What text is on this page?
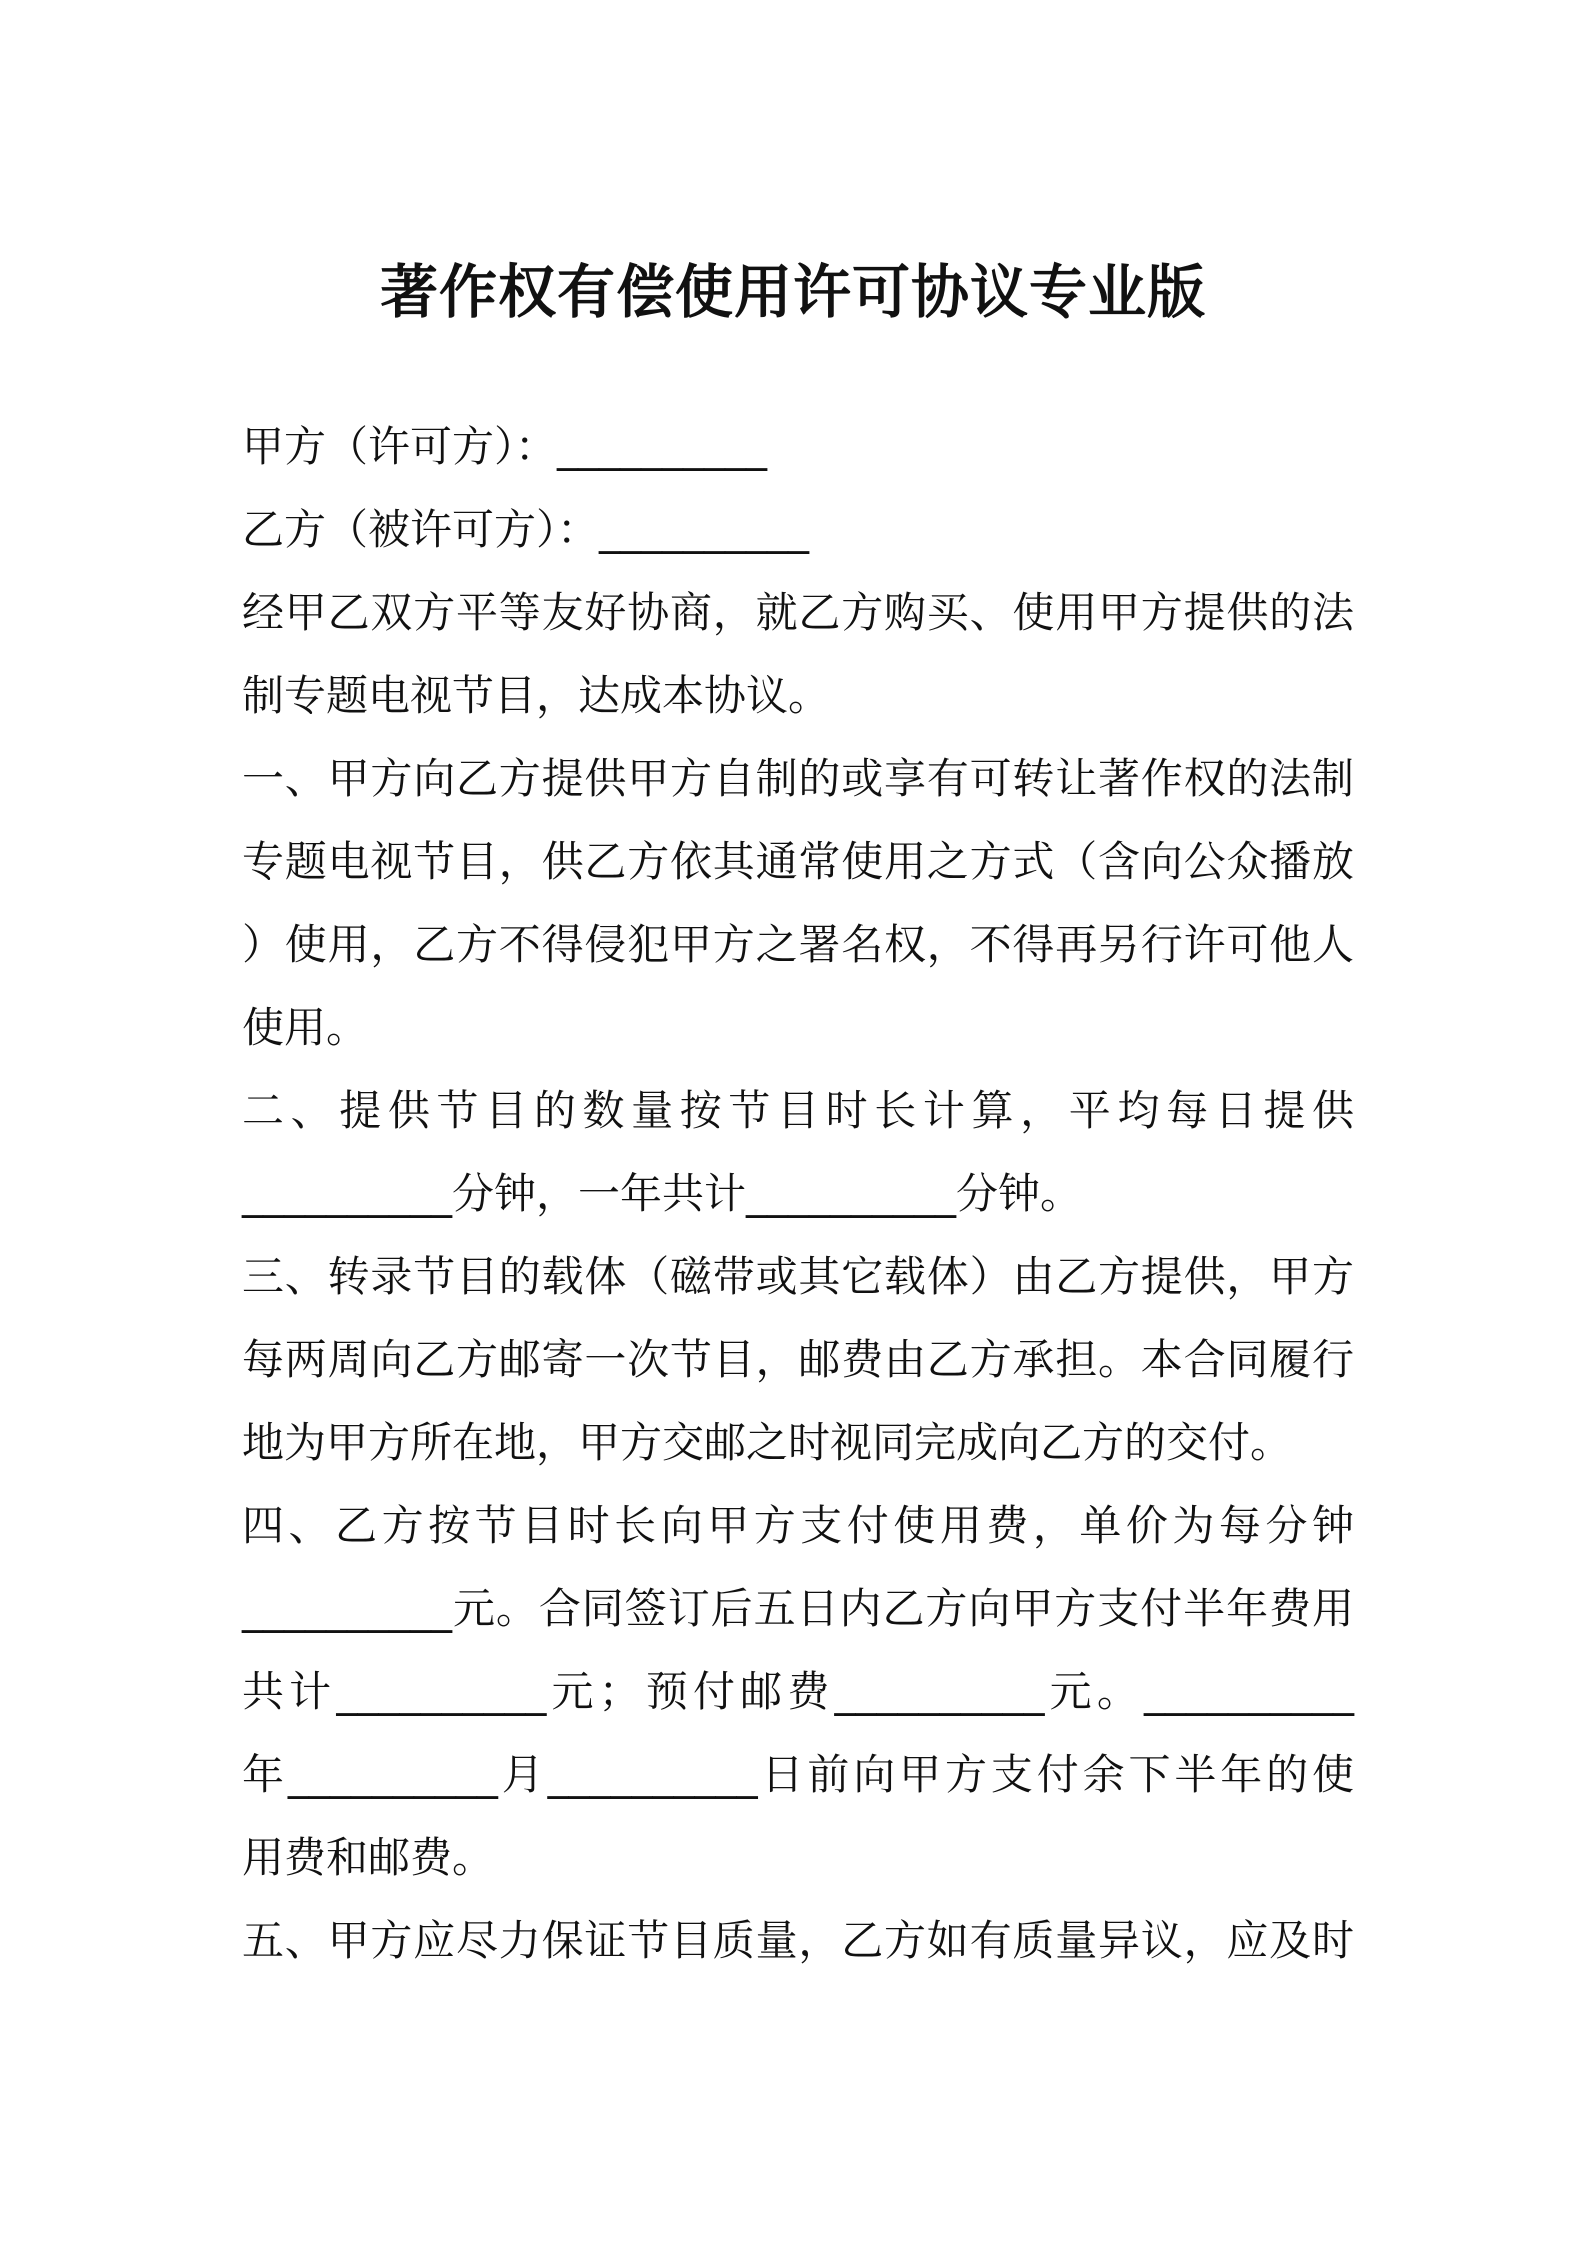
著作权有偿使用许可协议专业版
甲方（许可方）：__________
乙方（被许可方）：__________
经甲乙双方平等友好协商，就乙方购买、使用甲方提供的法
制专题电视节目，达成本协议。
一、甲方向乙方提供甲方自制的或享有可转让著作权的法制
专题电视节目，供乙方依其通常使用之方式（含向公众播放
）使用，乙方不得侵犯甲方之署名权，不得再另行许可他人
使用。
二、提供节目的数量按节目时长计算，平均每日提供
__________分钟，一年共计__________分钟。
三、转录节目的载体（磁带或其它载体）由乙方提供，甲方
每两周向乙方邮寄一次节目，邮费由乙方承担。本合同履行
地为甲方所在地，甲方交邮之时视同完成向乙方的交付。
四、乙方按节目时长向甲方支付使用费，单价为每分钟
__________元。合同签订后五日内乙方向甲方支付半年费用
共计__________元；预付邮费__________元。__________
年__________月__________日前向甲方支付余下半年的使
用费和邮费。
五、甲方应尽力保证节目质量，乙方如有质量异议，应及时
